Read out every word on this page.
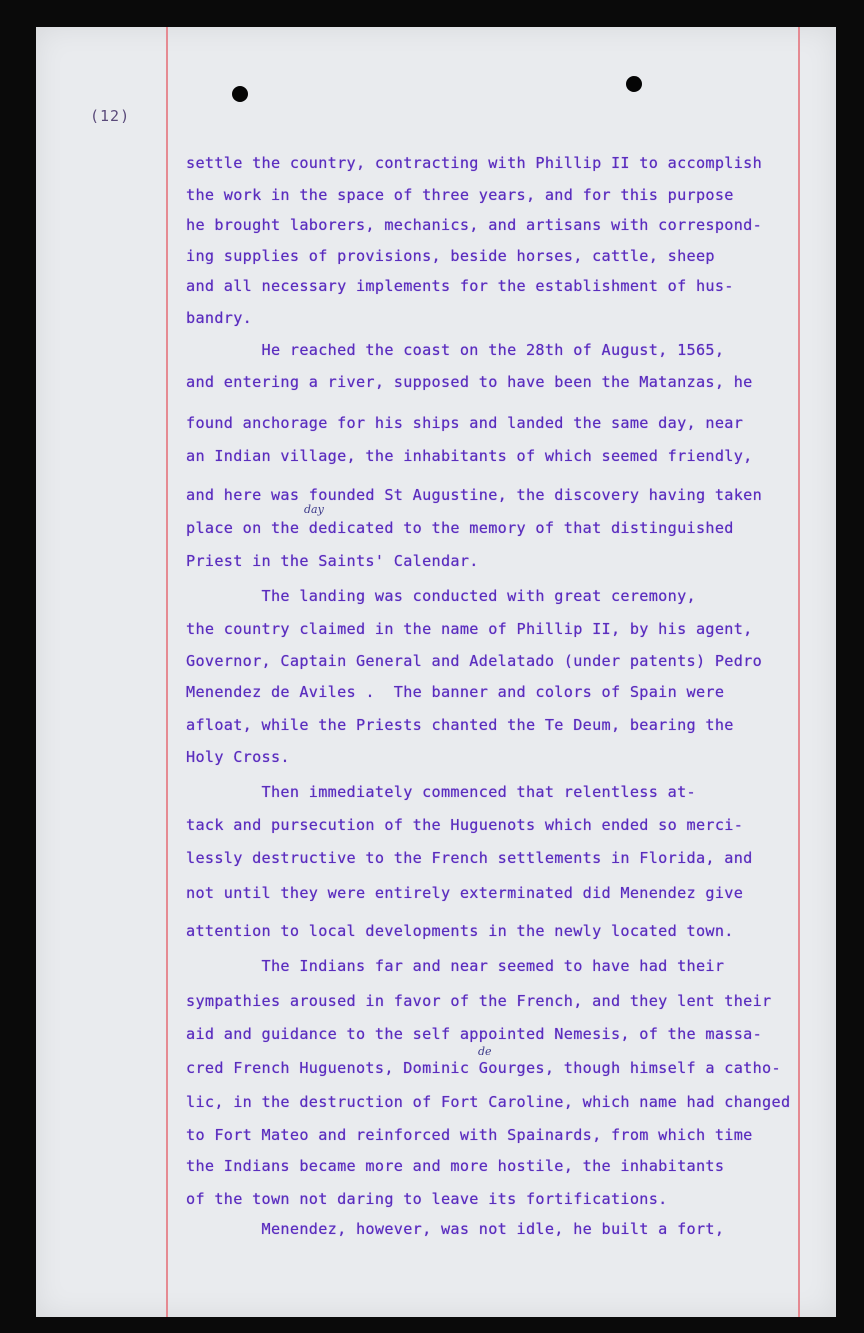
(12)
settle the country, contracting with Phillip II to accomplish
the work in the space of three years, and for this purpose
he brought laborers, mechanics, and artisans with correspond-
ing supplies of provisions, beside horses, cattle, sheep
and all necessary implements for the establishment of hus-
bandry.
He reached the coast on the 28th of August, 1565,
and entering a river, supposed to have been the Matanzas, he
found anchorage for his ships and landed the same day, near
an Indian village, the inhabitants of which seemed friendly,
and here was founded St Augustine, the discovery having taken
day
place on the dedicated to the memory of that distinguished
Priest in the Saints' Calendar.
The landing was conducted with great ceremony,
the country claimed in the name of Phillip II, by his agent,
Governor, Captain General and Adelatado (under patents) Pedro
Menendez de Aviles .  The banner and colors of Spain were
afloat, while the Priests chanted the Te Deum, bearing the
Holy Cross.
Then immediately commenced that relentless at-
tack and pursecution of the Huguenots which ended so merci-
lessly destructive to the French settlements in Florida, and
not until they were entirely exterminated did Menendez give
attention to local developments in the newly located town.
The Indians far and near seemed to have had their
sympathies aroused in favor of the French, and they lent their
aid and guidance to the self appointed Nemesis, of the massa-
de
cred French Huguenots, Dominic Gourges, though himself a catho-
lic, in the destruction of Fort Caroline, which name had changed
to Fort Mateo and reinforced with Spainards, from which time
the Indians became more and more hostile, the inhabitants
of the town not daring to leave its fortifications.
Menendez, however, was not idle, he built a fort,
